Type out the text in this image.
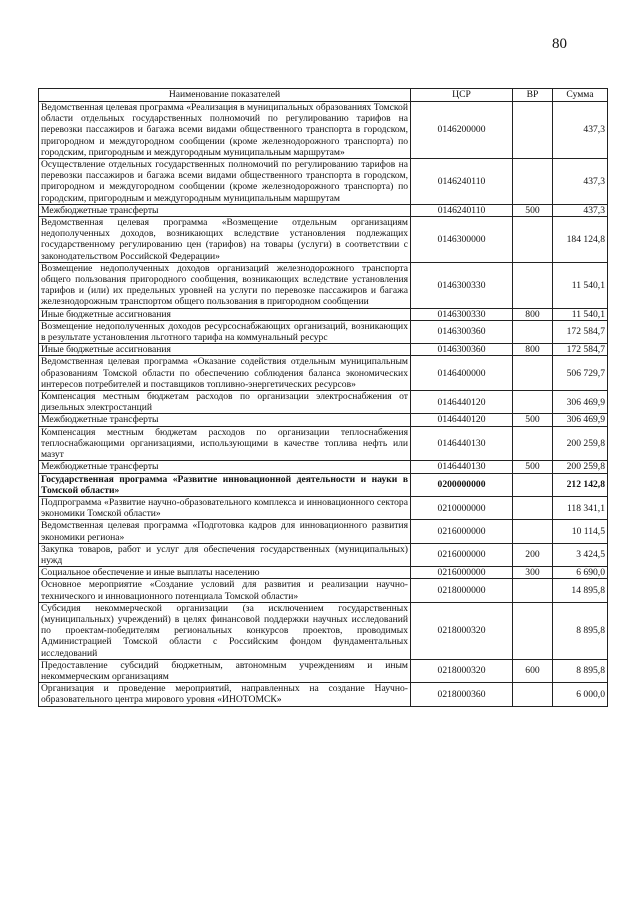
80
Наименование показателей	ЦСР	ВР	Сумма
Ведомственная целевая программа «Реализация в муниципальных образованиях Томской области отдельных государственных полномочий по регулированию тарифов на перевозки пассажиров и багажа всеми видами общественного транспорта в городском, пригородном и междугородном сообщении (кроме железнодорожного транспорта) по городским, пригородным и междугородным муниципальным маршрутам»	0146200000		437,3
Осуществление отдельных государственных полномочий по регулированию тарифов на перевозки пассажиров и багажа всеми видами общественного транспорта в городском, пригородном и междугородном сообщении (кроме железнодорожного транспорта) по городским, пригородным и междугородным муниципальным маршрутам	0146240110		437,3
Межбюджетные трансферты	0146240110	500	437,3
Ведомственная целевая программа «Возмещение отдельным организациям недополученных доходов, возникающих вследствие установления подлежащих государственному регулированию цен (тарифов) на товары (услуги) в соответствии с законодательством Российской Федерации»	0146300000		184 124,8
Возмещение недополученных доходов организаций железнодорожного транспорта общего пользования пригородного сообщения, возникающих вследствие установления тарифов и (или) их предельных уровней на услуги по перевозке пассажиров и багажа железнодорожным транспортом общего пользования в пригородном сообщении	0146300330		11 540,1
Иные бюджетные ассигнования	0146300330	800	11 540,1
Возмещение недополученных доходов ресурсоснабжающих организаций, возникающих в результате установления льготного тарифа на коммунальный ресурс	0146300360		172 584,7
Иные бюджетные ассигнования	0146300360	800	172 584,7
Ведомственная целевая программа «Оказание содействия отдельным муниципальным образованиям Томской области по обеспечению соблюдения баланса экономических интересов потребителей и поставщиков топливно-энергетических ресурсов»	0146400000		506 729,7
Компенсация местным бюджетам расходов по организации электроснабжения от дизельных электростанций	0146440120		306 469,9
Межбюджетные трансферты	0146440120	500	306 469,9
Компенсация местным бюджетам расходов по организации теплоснабжения теплоснабжающими организациями, использующими в качестве топлива нефть или мазут	0146440130		200 259,8
Межбюджетные трансферты	0146440130	500	200 259,8
Государственная программа «Развитие инновационной деятельности и науки в Томской области»	0200000000		212 142,8
Подпрограмма «Развитие научно-образовательного комплекса и инновационного сектора экономики Томской области»	0210000000		118 341,1
Ведомственная целевая программа «Подготовка кадров для инновационного развития экономики региона»	0216000000		10 114,5
Закупка товаров, работ и услуг для обеспечения государственных (муниципальных) нужд	0216000000	200	3 424,5
Социальное обеспечение и иные выплаты населению	0216000000	300	6 690,0
Основное мероприятие «Создание условий для развития и реализации научно-технического и инновационного потенциала Томской области»	0218000000		14 895,8
Субсидия некоммерческой организации (за исключением государственных (муниципальных) учреждений) в целях финансовой поддержки научных исследований по проектам-победителям региональных конкурсов проектов, проводимых Администрацией Томской области с Российским фондом фундаментальных исследований	0218000320		8 895,8
Предоставление субсидий бюджетным, автономным учреждениям и иным некоммерческим организациям	0218000320	600	8 895,8
Организация и проведение мероприятий, направленных на создание Научно-образовательного центра мирового уровня «ИНОТОМСК»	0218000360		6 000,0
